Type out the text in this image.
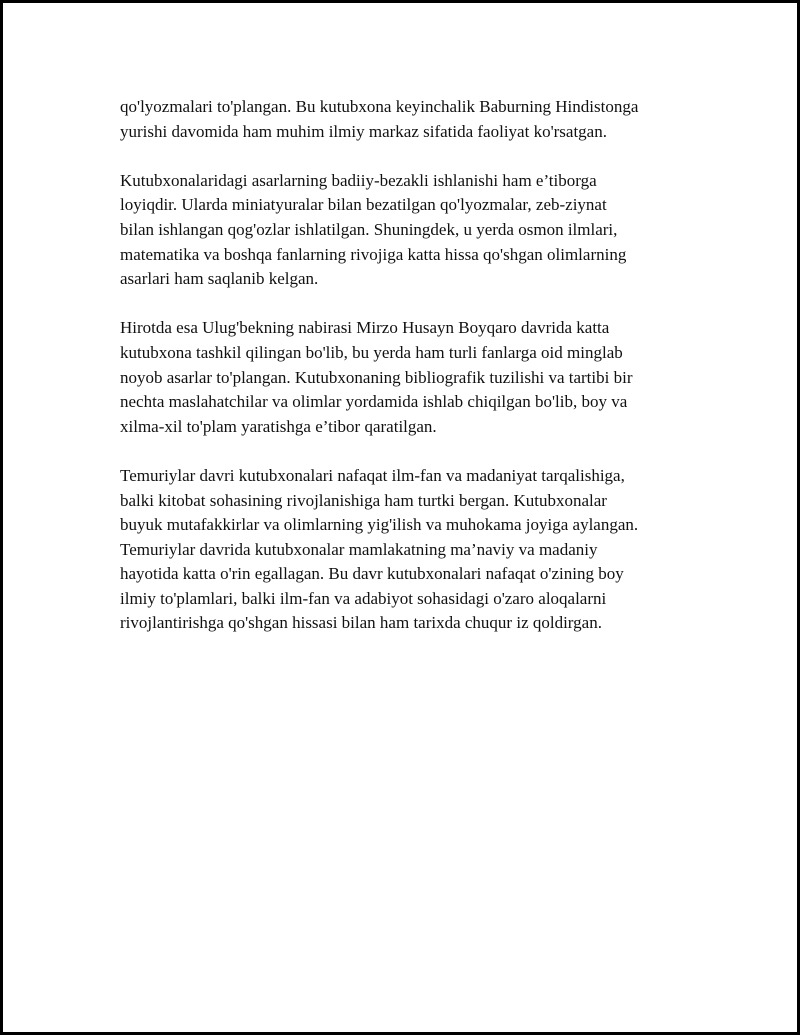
qo'lyozmalari to'plangan. Bu kutubxona keyinchalik Baburning Hindistonga
yurishi davomida ham muhim ilmiy markaz sifatida faoliyat ko'rsatgan.

Kutubxonalaridagi asarlarning badiiy-bezakli ishlanishi ham e’tiborga
loyiqdir. Ularda miniatyuralar bilan bezatilgan qo'lyozmalar, zeb-ziynat
bilan ishlangan qog'ozlar ishlatilgan. Shuningdek, u yerda osmon ilmlari,
matematika va boshqa fanlarning rivojiga katta hissa qo'shgan olimlarning
asarlari ham saqlanib kelgan.

Hirotda esa Ulug'bekning nabirasi Mirzo Husayn Boyqaro davrida katta
kutubxona tashkil qilingan bo'lib, bu yerda ham turli fanlarga oid minglab
noyob asarlar to'plangan. Kutubxonaning bibliografik tuzilishi va tartibi bir
nechta maslahatchilar va olimlar yordamida ishlab chiqilgan bo'lib, boy va
xilma-xil to'plam yaratishga e’tibor qaratilgan.

Temuriylar davri kutubxonalari nafaqat ilm-fan va madaniyat tarqalishiga,
balki kitobat sohasining rivojlanishiga ham turtki bergan. Kutubxonalar
buyuk mutafakkirlar va olimlarning yig'ilish va muhokama joyiga aylangan.
Temuriylar davrida kutubxonalar mamlakatning ma’naviy va madaniy
hayotida katta o'rin egallagan. Bu davr kutubxonalari nafaqat o'zining boy
ilmiy to'plamlari, balki ilm-fan va adabiyot sohasidagi o'zaro aloqalarni
rivojlantirishga qo'shgan hissasi bilan ham tarixda chuqur iz qoldirgan.
